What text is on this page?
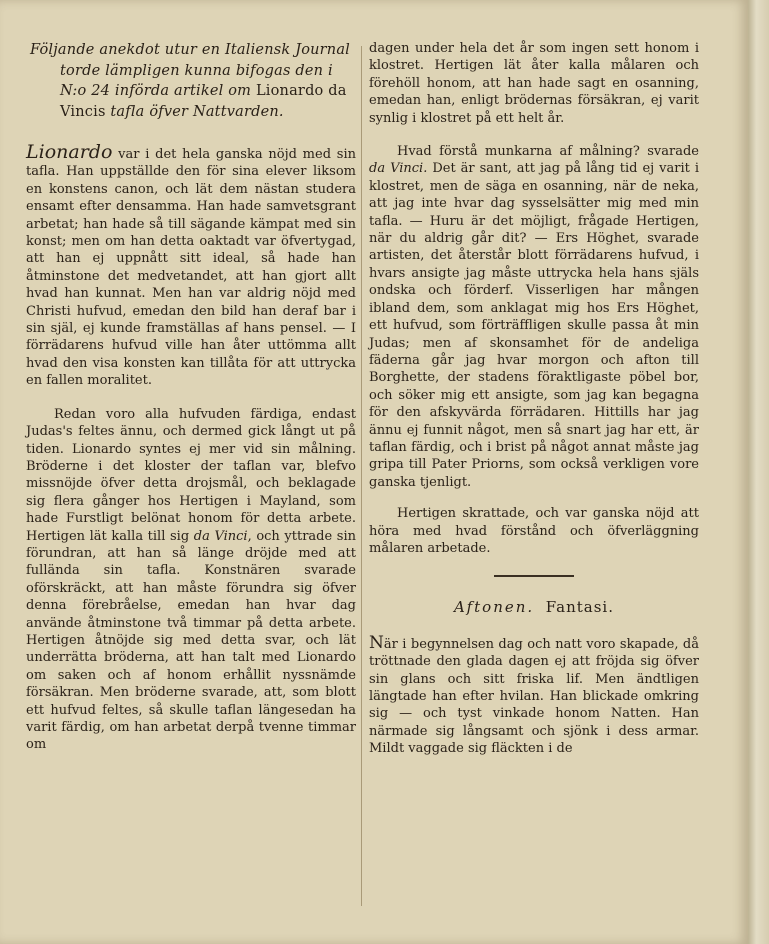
Följande anekdot utur en Italiensk Journal torde lämpligen kunna bifogas den i N:o 24 införda artikel om Lionardo da Vincis tafla öfver Nattvarden.

Lionardo var i det hela ganska nöjd med sin tafla. Han uppställde den för sina elever liksom en konstens canon, och lät dem nästan studera ensamt efter densamma. Han hade samvetsgrant arbetat; han hade så till sägande kämpat med sin konst; men om han detta oaktadt var öfvertygad, att han ej uppnått sitt ideal, så hade han åtminstone det medvetandet, att han gjort allt hvad han kunnat. Men han var aldrig nöjd med Christi hufvud, emedan den bild han deraf bar i sin själ, ej kunde framställas af hans pensel. — I förrädarens hufvud ville han åter uttömma allt hvad den visa konsten kan tillåta för att uttrycka en fallen moralitet.

Redan voro alla hufvuden färdiga, endast Judas's feltes ännu, och dermed gick långt ut på tiden. Lionardo syntes ej mer vid sin målning. Bröderne i det kloster der taflan var, blefvo missnöjde öfver detta drojsmål, och beklagade sig flera gånger hos Hertigen i Mayland, som hade Furstligt belönat honom för detta arbete. Hertigen lät kalla till sig da Vinci, och yttrade sin förundran, att han så länge dröjde med att fullända sin tafla. Konstnären svarade oförskräckt, att han måste förundra sig öfver denna förebråelse, emedan han hvar dag använde åtminstone två timmar på detta arbete. Hertigen åtnöjde sig med detta svar, och lät underrätta bröderna, att han talt med Lionardo om saken och af honom erhållit nyssnämde försäkran. Men bröderne svarade, att, som blott ett hufvud feltes, så skulle taflan längesedan ha varit färdig, om han arbetat derpå tvenne timmar om

dagen under hela det år som ingen sett honom i klostret. Hertigen lät åter kalla målaren och förehöll honom, att han hade sagt en osanning, emedan han, enligt brödernas försäkran, ej varit synlig i klostret på ett helt år.

Hvad förstå munkarna af målning? svarade da Vinci. Det är sant, att jag på lång tid ej varit i klostret, men de säga en osanning, när de neka, att jag inte hvar dag sysselsätter mig med min tafla. — Huru är det möjligt, frågade Hertigen, när du aldrig går dit? — Ers Höghet, svarade artisten, det återstår blott förrädarens hufvud, i hvars ansigte jag måste uttrycka hela hans själs ondska och förderf. Visserligen har mången ibland dem, som anklagat mig hos Ers Höghet, ett hufvud, som förträffligen skulle passa åt min Judas; men af skonsamhet för de andeliga fäderna går jag hvar morgon och afton till Borghette, der stadens föraktligaste pöbel bor, och söker mig ett ansigte, som jag kan begagna för den afskyvärda förrädaren. Hittills har jag ännu ej funnit något, men så snart jag har ett, är taflan färdig, och i brist på något annat måste jag gripa till Pater Priorns, som också verkligen vore ganska tjenligt.

Hertigen skrattade, och var ganska nöjd att höra med hvad förstånd och öfverläggning målaren arbetade.

Aftonen. Fantasi.

När i begynnelsen dag och natt voro skapade, då tröttnade den glada dagen ej att fröjda sig öfver sin glans och sitt friska lif. Men ändtligen längtade han efter hvilan. Han blickade omkring sig — och tyst vinkade honom Natten. Han närmade sig långsamt och sjönk i dess armar. Mildt vaggade sig fläckten i de
